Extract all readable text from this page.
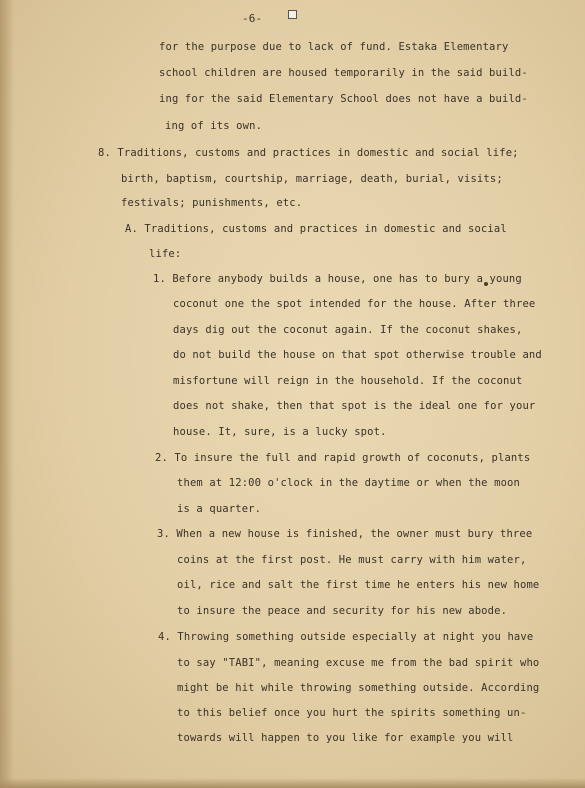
-6-
for the purpose due to lack of fund. Estaka Elementary
school children are housed temporarily in the said build-
ing for the said Elementary School does not have a build-
ing of its own.
8. Traditions, customs and practices in domestic and social life;
birth, baptism, courtship, marriage, death, burial, visits;
festivals; punishments, etc.
A. Traditions, customs and practices in domestic and social
life:
1. Before anybody builds a house, one has to bury a young
coconut one the spot intended for the house. After three
days dig out the coconut again. If the coconut shakes,
do not build the house on that spot otherwise trouble and
misfortune will reign in the household. If the coconut
does not shake, then that spot is the ideal one for your
house. It, sure, is a lucky spot.
2. To insure the full and rapid growth of coconuts, plants
them at 12:00 o'clock in the daytime or when the moon
is a quarter.
3. When a new house is finished, the owner must bury three
coins at the first post. He must carry with him water,
oil, rice and salt the first time he enters his new home
to insure the peace and security for his new abode.
4. Throwing something outside especially at night you have
to say "TABI", meaning excuse me from the bad spirit who
might be hit while throwing something outside. According
to this belief once you hurt the spirits something un-
towards will happen to you like for example you will
